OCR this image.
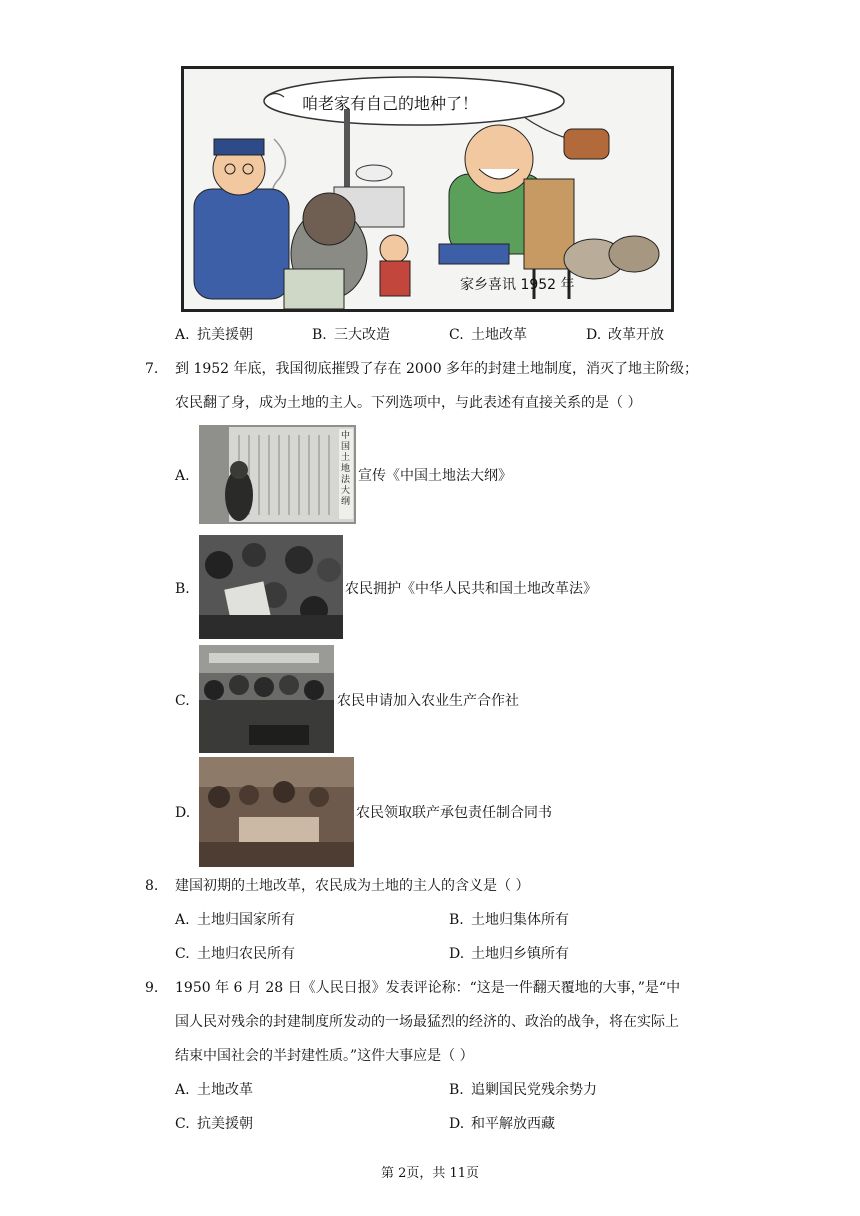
咱老家有自己的地种了！
家乡喜讯 1952 年
A. 抗美援朝	B. 三大改造	C. 土地改革	D. 改革开放
7. 到 1952 年底，我国彻底摧毁了存在 2000 多年的封建土地制度，消灭了地主阶级；
农民翻了身，成为土地的主人。下列选项中，与此表述有直接关系的是（ ）
A.
中国土地法大纲
宣传《中国土地法大纲》
B.	农民拥护《中华人民共和国土地改革法》
C.	农民申请加入农业生产合作社
D.	农民领取联产承包责任制合同书
8. 建国初期的土地改革，农民成为土地的主人的含义是（ ）
A. 土地归国家所有	B. 土地归集体所有
C. 土地归农民所有	D. 土地归乡镇所有
9. 1950 年 6 月 28 日《人民日报》发表评论称：“这是一件翻天覆地的大事，”是“中
国人民对残余的封建制度所发动的一场最猛烈的经济的、政治的战争，将在实际上
结束中国社会的半封建性质。”这件大事应是（ ）
A. 土地改革	B. 追剿国民党残余势力
C. 抗美援朝	D. 和平解放西藏
第 2页，共 11页
